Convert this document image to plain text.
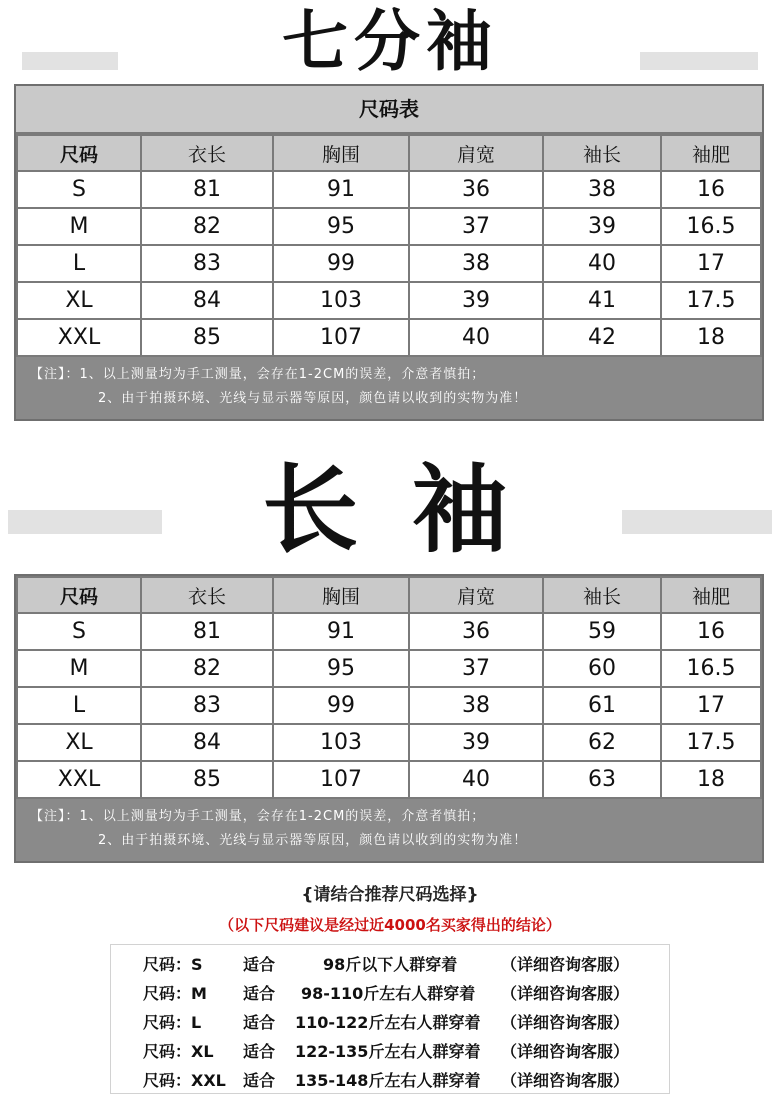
七分袖
尺码表
尺码	衣长	胸围	肩宽	袖长	袖肥
S	81	91	36	38	16
M	82	95	37	39	16.5
L	83	99	38	40	17
XL	84	103	39	41	17.5
XXL	85	107	40	42	18
【注】：1、以上测量均为手工测量，会存在1-2CM的误差，介意者慎拍；
2、由于拍摄环境、光线与显示器等原因，颜色请以收到的实物为准！
长 袖
尺码	衣长	胸围	肩宽	袖长	袖肥
S	81	91	36	59	16
M	82	95	37	60	16.5
L	83	99	38	61	17
XL	84	103	39	62	17.5
XXL	85	107	40	63	18
【注】：1、以上测量均为手工测量，会存在1-2CM的误差，介意者慎拍；
2、由于拍摄环境、光线与显示器等原因，颜色请以收到的实物为准！
{请结合推荐尺码选择}
（以下尺码建议是经过近4000名买家得出的结论）
尺码：S	适合	98斤以下人群穿着	（详细咨询客服）
尺码：M 适合 98-110斤左右人群穿着 （详细咨询客服）
尺码：L	适合 110-122斤左右人群穿着 （详细咨询客服）
尺码：XL 适合 122-135斤左右人群穿着 （详细咨询客服）
尺码：XXL 适合 135-148斤左右人群穿着 （详细咨询客服）
